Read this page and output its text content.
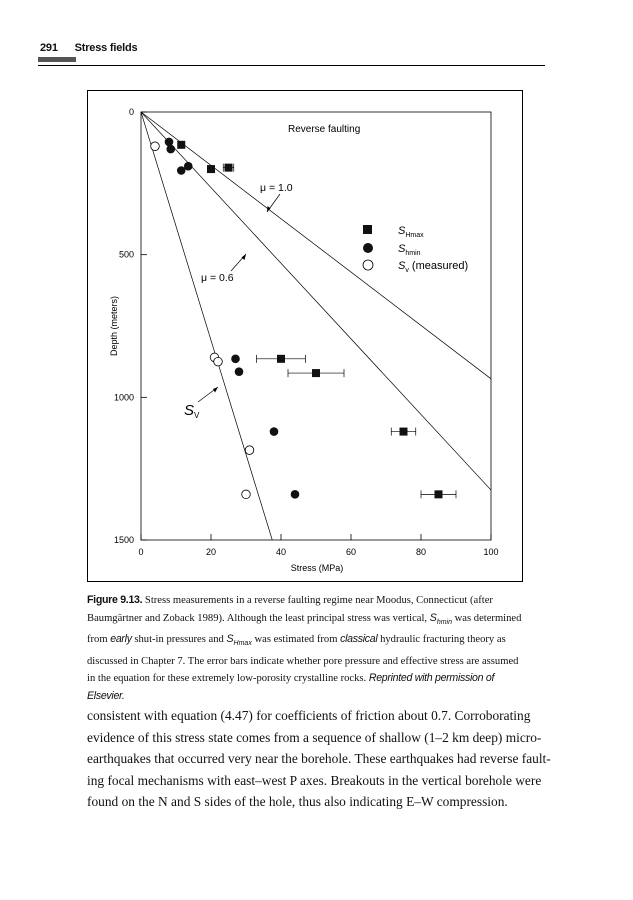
291 Stress fields
0	20	40	60	80	100
0
500
1000
1500
Reverse faulting
Stress (MPa)
Depth (meters)
μ = 1.0
μ = 0.6
$S_V$
$S_{Hmax}$
$S_{hmin}$
$S_v$ (measured)
Figure 9.13. Stress measurements in a reverse faulting regime near Moodus, Connecticut (after Baumgärtner and Zoback 1989). Although the least principal stress was vertical, $S_{hmin}$ was determined from early shut-in pressures and $S_{Hmax}$ was estimated from classical hydraulic fracturing theory as discussed in Chapter 7. The error bars indicate whether pore pressure and effective stress are assumed in the equation for these extremely low-porosity crystalline rocks. Reprinted with permission of Elsevier.
consistent with equation (4.47) for coefficients of friction about 0.7. Corroborating
evidence of this stress state comes from a sequence of shallow (1–2 km deep) micro-
earthquakes that occurred very near the borehole. These earthquakes had reverse fault-
ing focal mechanisms with east–west P axes. Breakouts in the vertical borehole were
found on the N and S sides of the hole, thus also indicating E–W compression.
